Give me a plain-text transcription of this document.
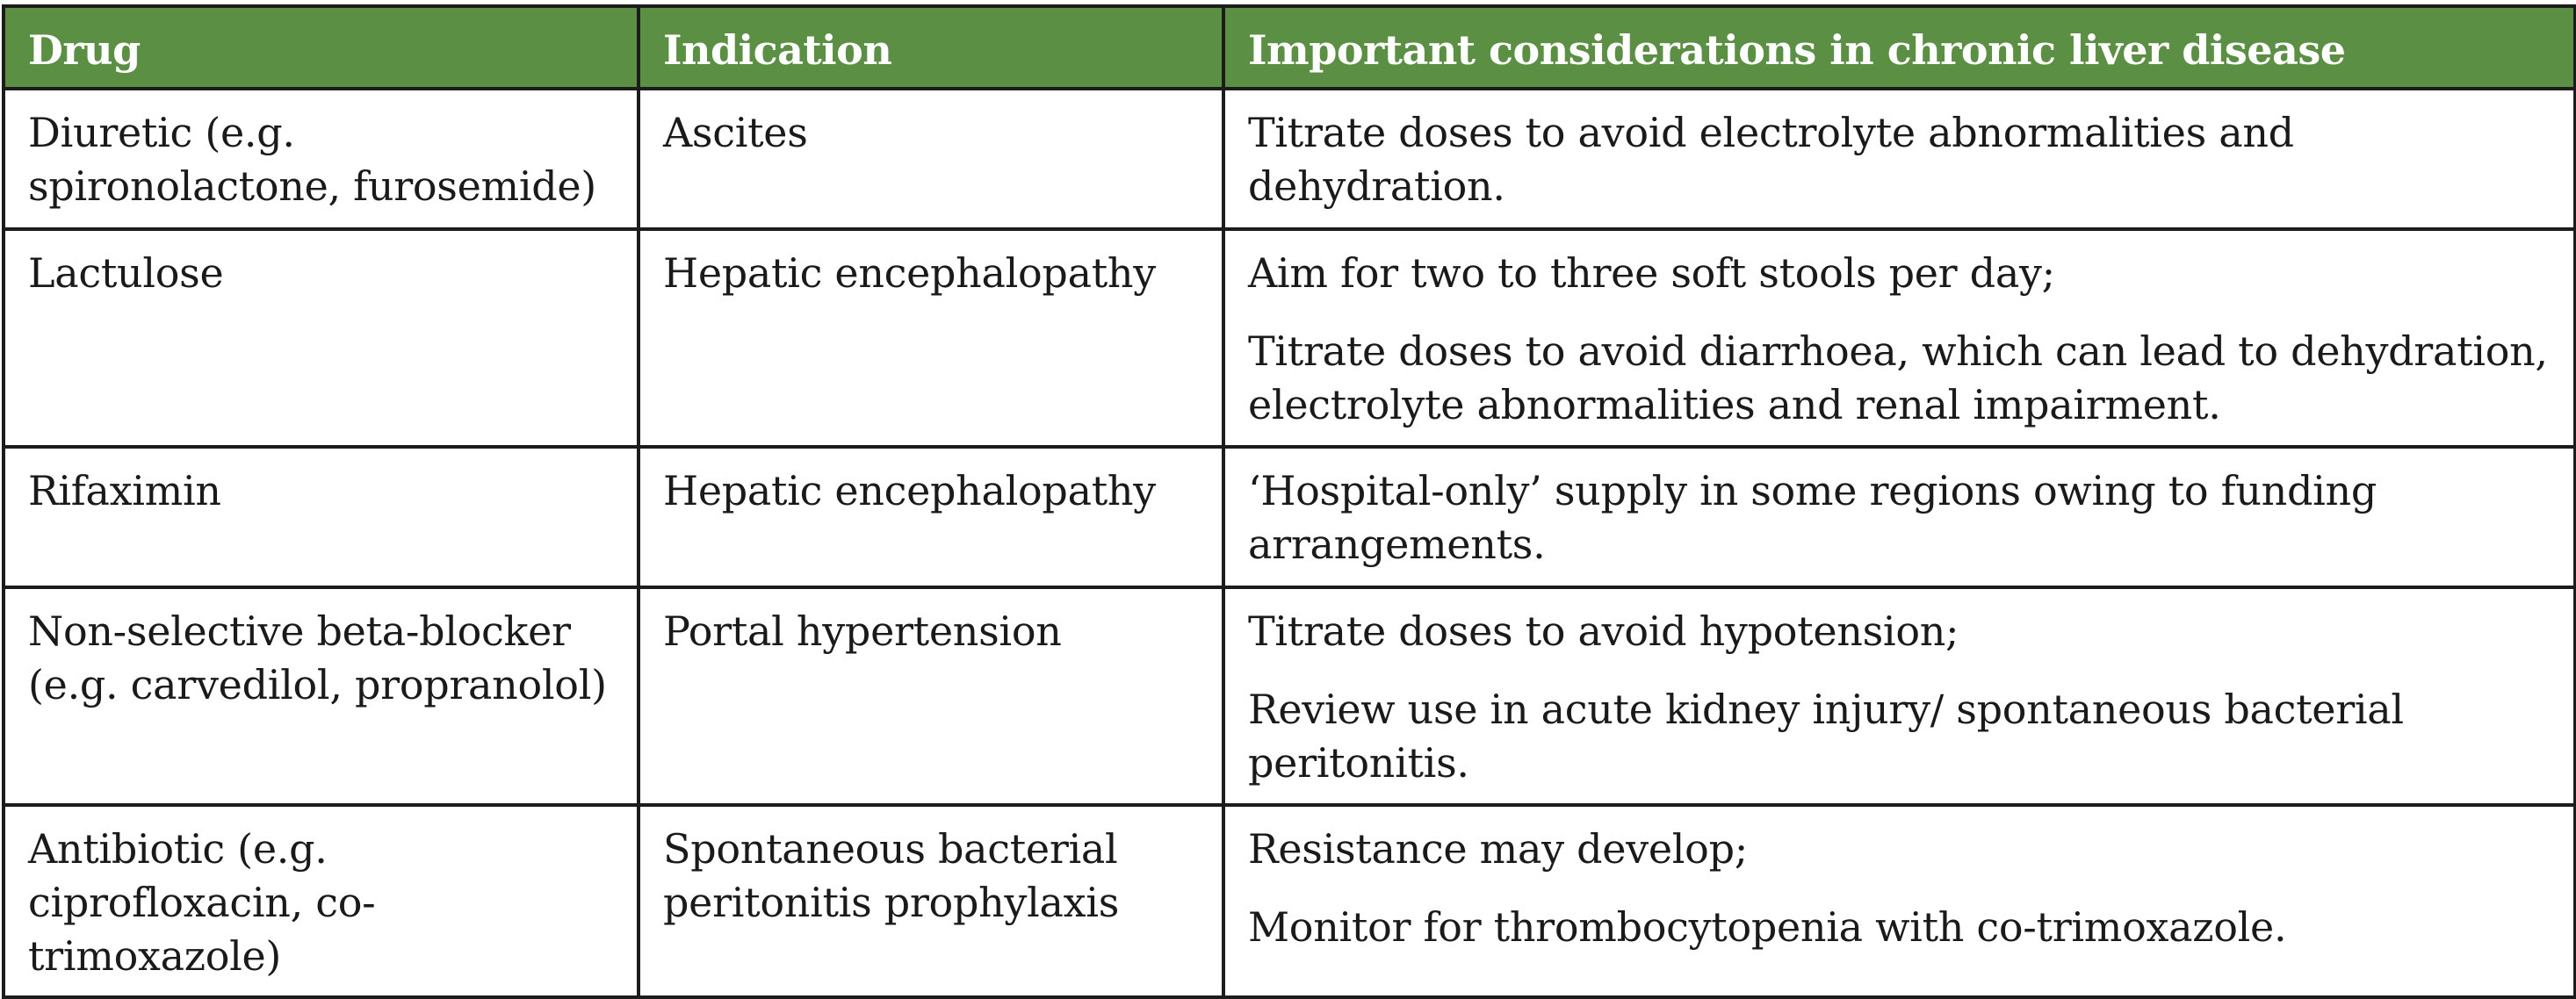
Drug	Indication	Important considerations in chronic liver disease
Diuretic (e.g. spironolactone, furosemide)	Ascites	Titrate doses to avoid electrolyte abnormalities and dehydration.

Lactulose	Hepatic encephalopathy	Aim for two to three soft stools per day;
Titrate doses to avoid diarrhoea, which can lead to dehydration, electrolyte abnormalities and renal impairment.

Rifaximin	Hepatic encephalopathy	‘Hospital-only’ supply in some regions owing to funding arrangements.

Non-selective beta-blocker (e.g. carvedilol, propranolol)	Portal hypertension	Titrate doses to avoid hypotension;
Review use in acute kidney injury/ spontaneous bacterial peritonitis.

Antibiotic (e.g. ciprofloxacin, co-trimoxazole)	Spontaneous bacterial peritonitis prophylaxis	Resistance may develop;
Monitor for thrombocytopenia with co-trimoxazole.
